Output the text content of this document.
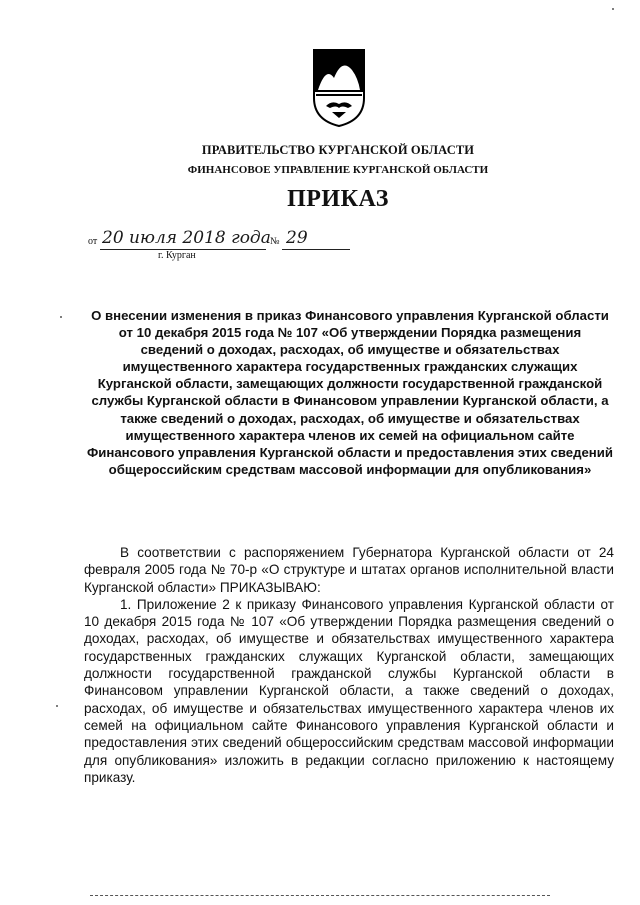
ПРАВИТЕЛЬСТВО КУРГАНСКОЙ ОБЛАСТИ
ФИНАНСОВОЕ УПРАВЛЕНИЕ КУРГАНСКОЙ ОБЛАСТИ
ПРИКАЗ
от 20 июля 2018 года № 29
г. Курган
О внесении изменения в приказ Финансового управления Курганской области от 10 декабря 2015 года № 107 «Об утверждении Порядка размещения сведений о доходах, расходах, об имуществе и обязательствах имущественного характера государственных гражданских служащих Курганской области, замещающих должности государственной гражданской службы Курганской области в Финансовом управлении Курганской области, а также сведений о доходах, расходах, об имуществе и обязательствах имущественного характера членов их семей на официальном сайте Финансового управления Курганской области и предоставления этих сведений общероссийским средствам массовой информации для опубликования»

В соответствии с распоряжением Губернатора Курганской области от 24 февраля 2005 года № 70-р «О структуре и штатах органов исполнительной власти Курганской области» ПРИКАЗЫВАЮ:

1. Приложение 2 к приказу Финансового управления Курганской области от 10 декабря 2015 года № 107 «Об утверждении Порядка размещения сведений о доходах, расходах, об имуществе и обязательствах имущественного характера государственных гражданских служащих Курганской области, замещающих должности государственной гражданской службы Курганской области в Финансовом управлении Курганской области, а также сведений о доходах, расходах, об имуществе и обязательствах имущественного характера членов их семей на официальном сайте Финансового управления Курганской области и предоставления этих сведений общероссийским средствам массовой информации для опубликования» изложить в редакции согласно приложению к настоящему приказу.
